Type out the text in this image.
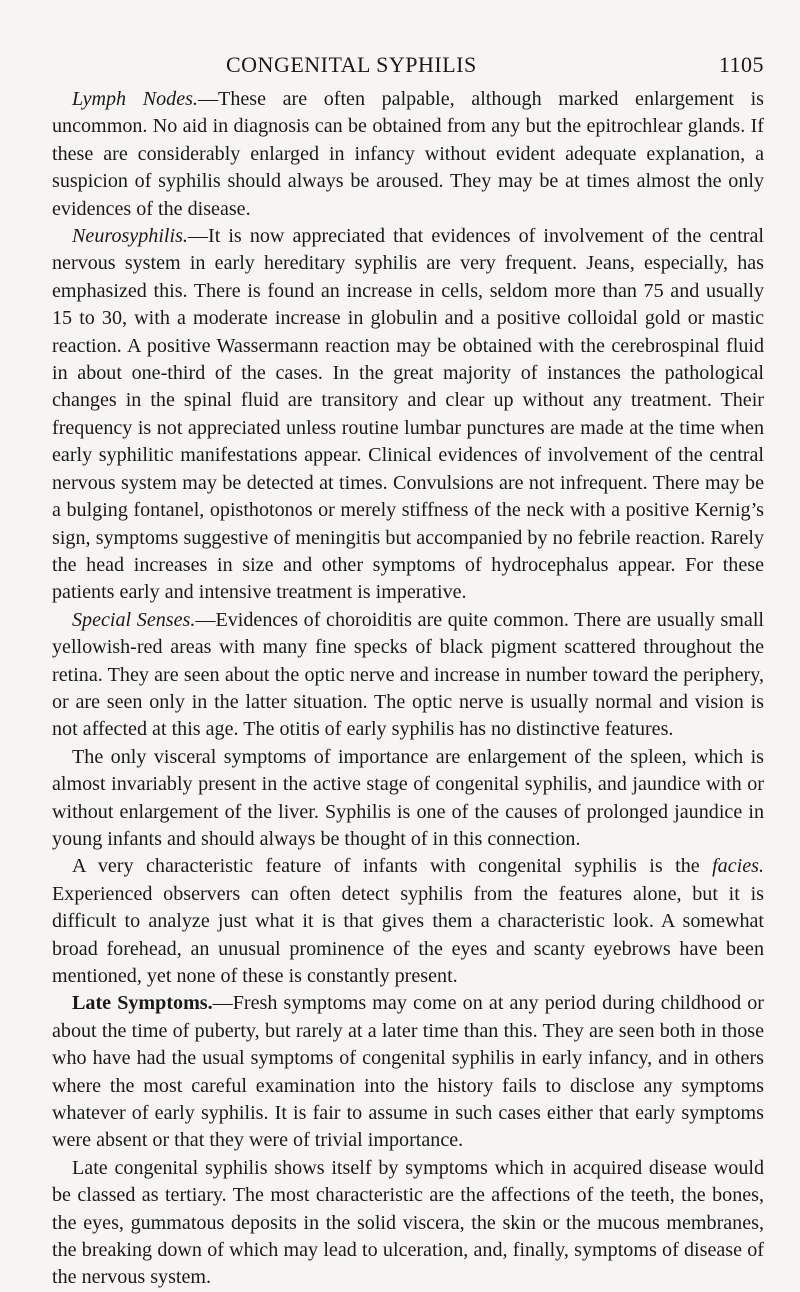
CONGENITAL SYPHILIS	1105

Lymph Nodes.—These are often palpable, although marked enlargement is uncommon. No aid in diagnosis can be obtained from any but the epitrochlear glands. If these are considerably enlarged in infancy without evident adequate explanation, a suspicion of syphilis should always be aroused. They may be at times almost the only evidences of the disease.

Neurosyphilis.—It is now appreciated that evidences of involvement of the central nervous system in early hereditary syphilis are very frequent. Jeans, especially, has emphasized this. There is found an increase in cells, seldom more than 75 and usually 15 to 30, with a moderate increase in globulin and a positive colloidal gold or mastic reaction. A positive Wassermann reaction may be obtained with the cerebrospinal fluid in about one-third of the cases. In the great majority of instances the pathological changes in the spinal fluid are transitory and clear up without any treatment. Their frequency is not appreciated unless routine lumbar punctures are made at the time when early syphilitic manifestations appear. Clinical evidences of involvement of the central nervous system may be detected at times. Convulsions are not infrequent. There may be a bulging fontanel, opisthotonos or merely stiffness of the neck with a positive Kernig’s sign, symptoms suggestive of meningitis but accompanied by no febrile reaction. Rarely the head increases in size and other symptoms of hydrocephalus appear. For these patients early and intensive treatment is imperative.

Special Senses.—Evidences of choroiditis are quite common. There are usually small yellowish-red areas with many fine specks of black pigment scattered throughout the retina. They are seen about the optic nerve and increase in number toward the periphery, or are seen only in the latter situation. The optic nerve is usually normal and vision is not affected at this age. The otitis of early syphilis has no distinctive features.

The only visceral symptoms of importance are enlargement of the spleen, which is almost invariably present in the active stage of congenital syphilis, and jaundice with or without enlargement of the liver. Syphilis is one of the causes of prolonged jaundice in young infants and should always be thought of in this connection.

A very characteristic feature of infants with congenital syphilis is the facies. Experienced observers can often detect syphilis from the features alone, but it is difficult to analyze just what it is that gives them a characteristic look. A somewhat broad forehead, an unusual prominence of the eyes and scanty eyebrows have been mentioned, yet none of these is constantly present.

Late Symptoms.—Fresh symptoms may come on at any period during childhood or about the time of puberty, but rarely at a later time than this. They are seen both in those who have had the usual symptoms of congenital syphilis in early infancy, and in others where the most careful examination into the history fails to disclose any symptoms whatever of early syphilis. It is fair to assume in such cases either that early symptoms were absent or that they were of trivial importance.

Late congenital syphilis shows itself by symptoms which in acquired disease would be classed as tertiary. The most characteristic are the affections of the teeth, the bones, the eyes, gummatous deposits in the solid viscera, the skin or the mucous membranes, the breaking down of which may lead to ulceration, and, finally, symptoms of disease of the nervous system.
